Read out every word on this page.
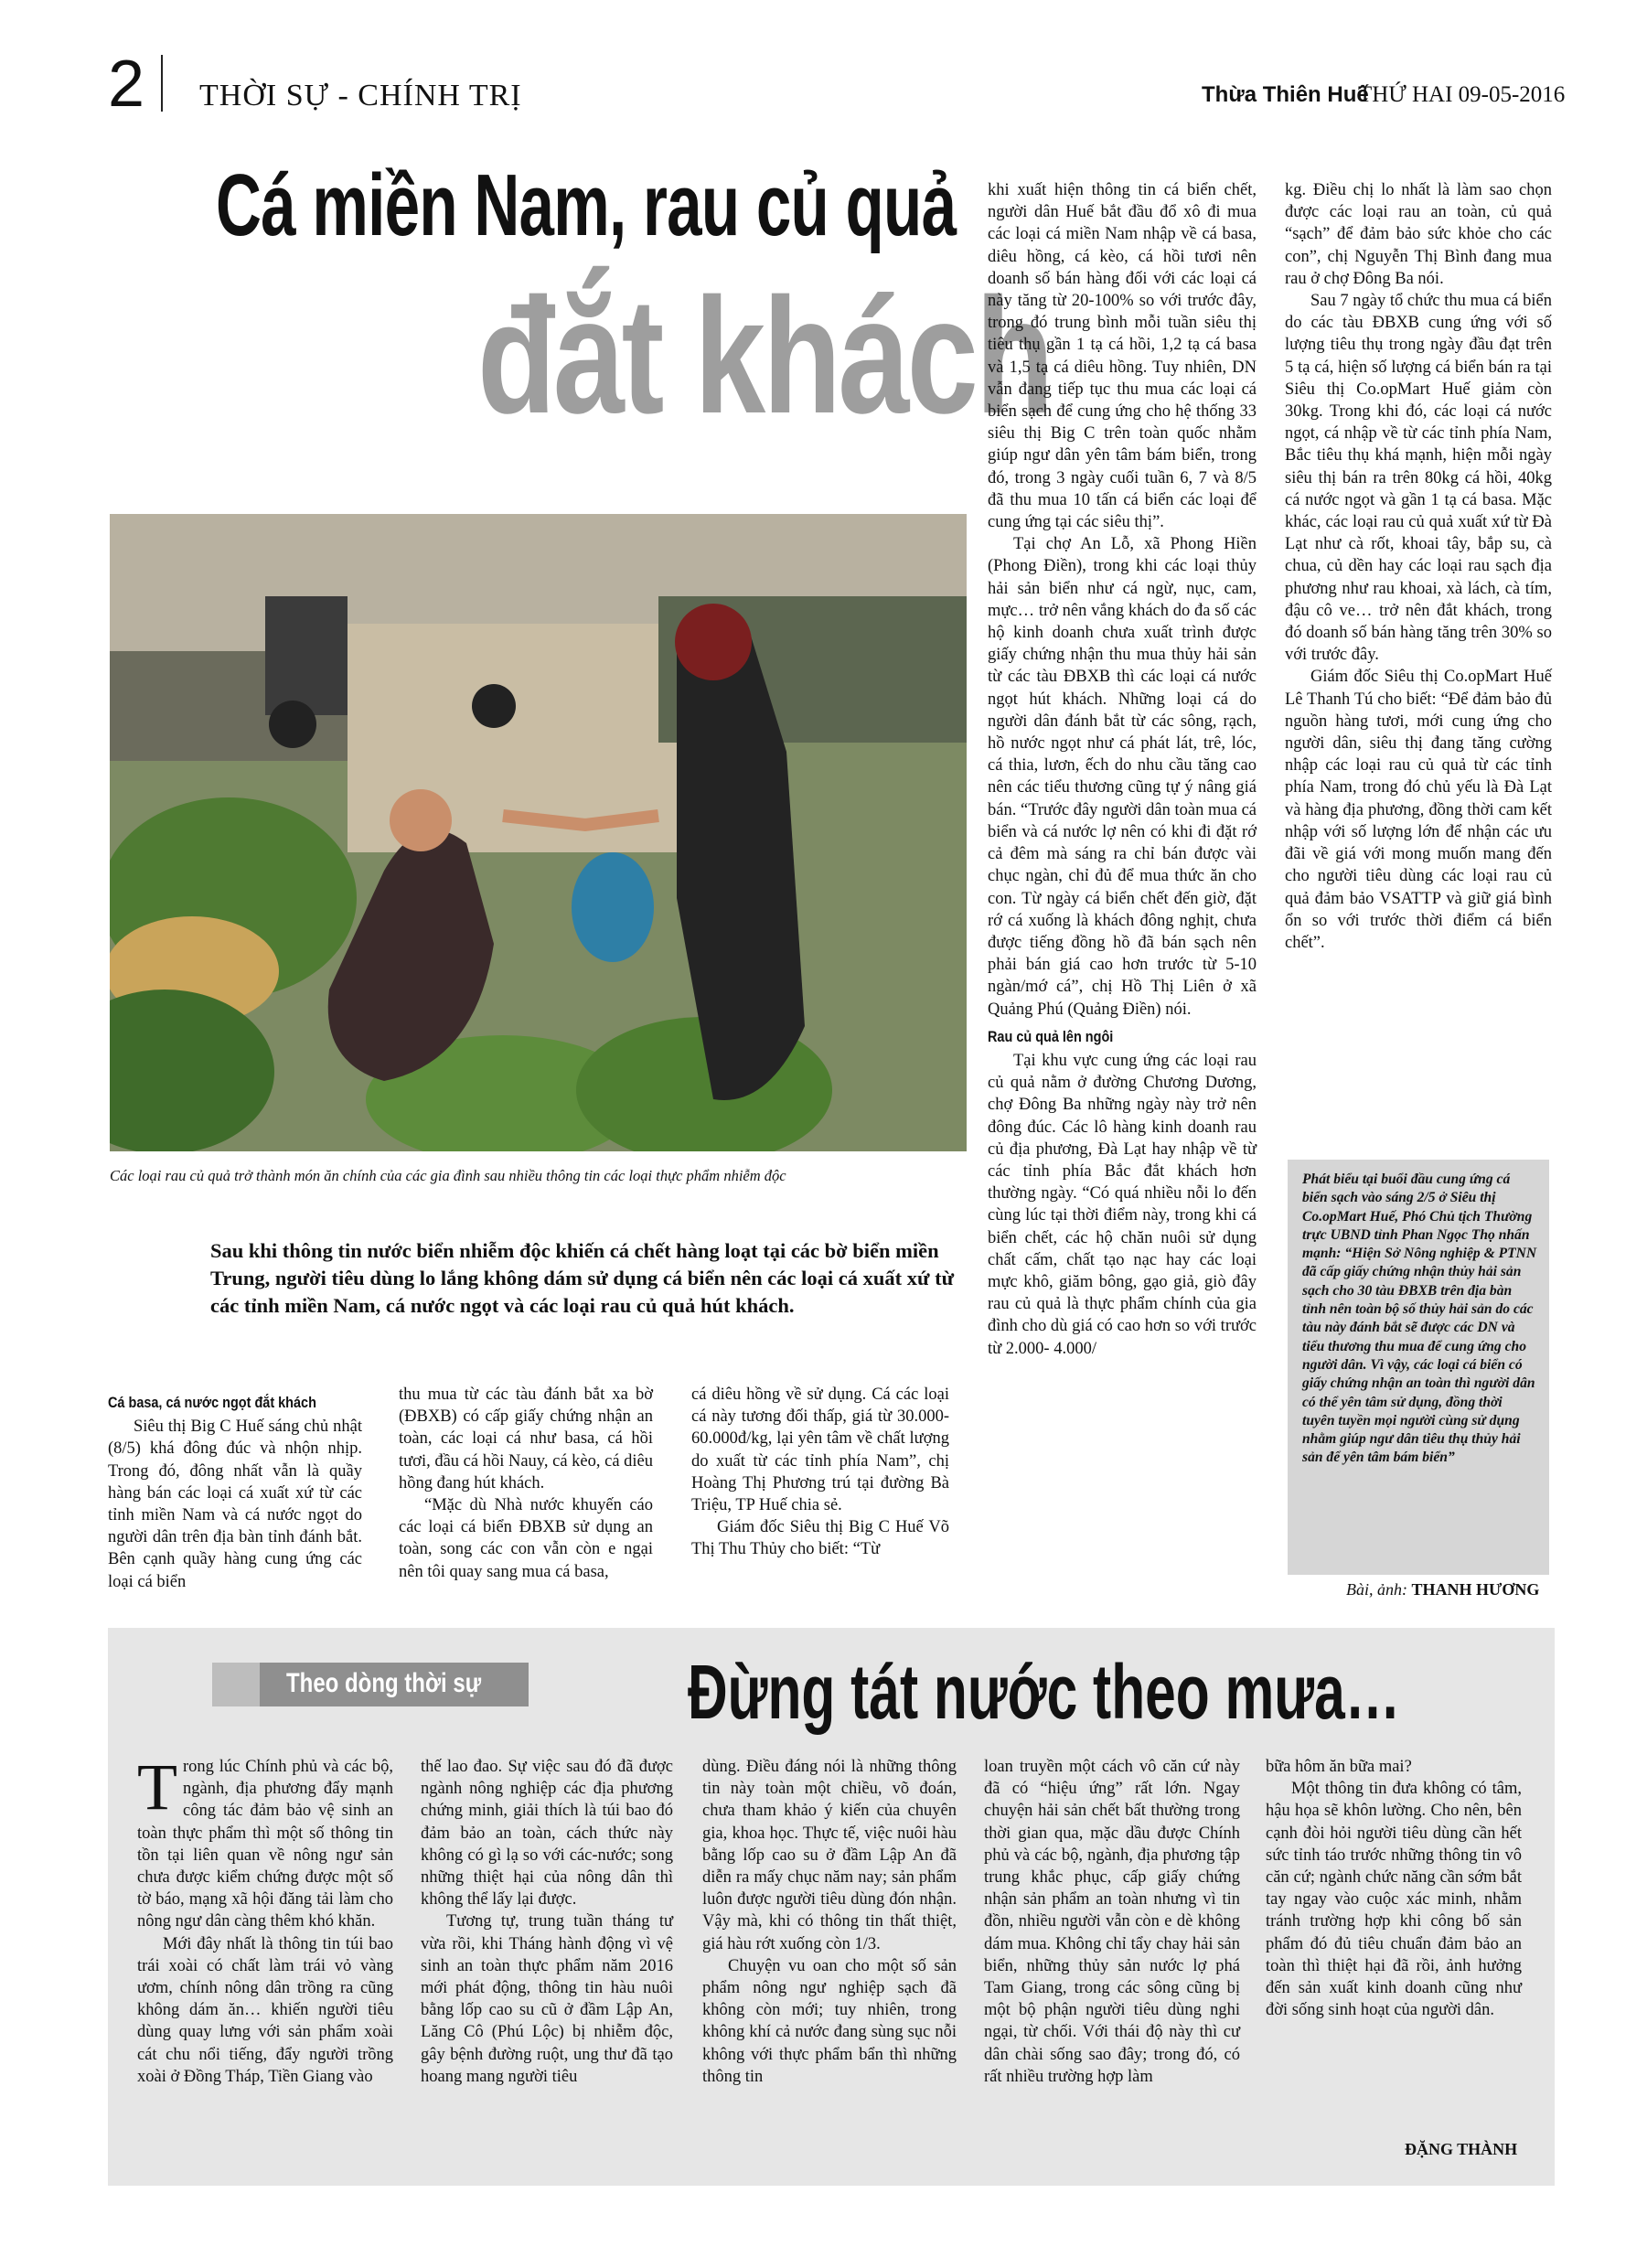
2 THỜI SỰ - CHÍNH TRỊ	Thừa Thiên Huế
THỨ HAI 09-05-2016
Cá miền Nam, rau củ quả
đắt khách
Các loại rau củ quả trở thành món ăn chính của các gia đình sau nhiều thông tin các loại thực phẩm nhiễm độc
Sau khi thông tin nước biển nhiễm độc khiến cá chết hàng loạt tại các bờ biển miền Trung, người tiêu dùng lo lắng không dám sử dụng cá biển nên các loại cá xuất xứ từ các tỉnh miền Nam, cá nước ngọt và các loại rau củ quả hút khách.
Cá basa, cá nước ngọt đắt khách

Siêu thị Big C Huế sáng chủ nhật (8/5) khá đông đúc và nhộn nhịp. Trong đó, đông nhất vẫn là quầy hàng bán các loại cá xuất xứ từ các tỉnh miền Nam và cá nước ngọt do người dân trên địa bàn tỉnh đánh bắt. Bên cạnh quầy hàng cung ứng các loại cá biển

thu mua từ các tàu đánh bắt xa bờ (ĐBXB) có cấp giấy chứng nhận an toàn, các loại cá như basa, cá hồi tươi, đầu cá hồi Nauy, cá kèo, cá diêu hồng đang hút khách.

“Mặc dù Nhà nước khuyến cáo các loại cá biển ĐBXB sử dụng an toàn, song các con vẫn còn e ngại nên tôi quay sang mua cá basa,

cá diêu hồng về sử dụng. Cá các loại cá này tương đối thấp, giá từ 30.000-60.000đ/kg, lại yên tâm về chất lượng do xuất từ các tỉnh phía Nam”, chị Hoàng Thị Phương trú tại đường Bà Triệu, TP Huế chia sẻ.

Giám đốc Siêu thị Big C Huế Võ Thị Thu Thủy cho biết: “Từ

khi xuất hiện thông tin cá biển chết, người dân Huế bắt đầu đổ xô đi mua các loại cá miền Nam nhập về cá basa, diêu hồng, cá kèo, cá hồi tươi nên doanh số bán hàng đối với các loại cá này tăng từ 20-100% so với trước đây, trong đó trung bình mỗi tuần siêu thị tiêu thụ gần 1 tạ cá hồi, 1,2 tạ cá basa và 1,5 tạ cá diêu hồng. Tuy nhiên, DN vẫn đang tiếp tục thu mua các loại cá biển sạch để cung ứng cho hệ thống 33 siêu thị Big C trên toàn quốc nhằm giúp ngư dân yên tâm bám biển, trong đó, trong 3 ngày cuối tuần 6, 7 và 8/5 đã thu mua 10 tấn cá biển các loại để cung ứng tại các siêu thị”.

Tại chợ An Lỗ, xã Phong Hiền (Phong Điền), trong khi các loại thủy hải sản biển như cá ngừ, nục, cam, mực… trở nên vắng khách do đa số các hộ kinh doanh chưa xuất trình được giấy chứng nhận thu mua thủy hải sản từ các tàu ĐBXB thì các loại cá nước ngọt hút khách. Những loại cá do người dân đánh bắt từ các sông, rạch, hồ nước ngọt như cá phát lát, trê, lóc, cá thia, lươn, ếch do nhu cầu tăng cao nên các tiểu thương cũng tự ý nâng giá bán. “Trước đây người dân toàn mua cá biển và cá nước lợ nên có khi đi đặt rớ cả đêm mà sáng ra chỉ bán được vài chục ngàn, chỉ đủ để mua thức ăn cho con. Từ ngày cá biển chết đến giờ, đặt rớ cá xuống là khách đông nghịt, chưa được tiếng đồng hồ đã bán sạch nên phải bán giá cao hơn trước từ 5-10 ngàn/mớ cá”, chị Hồ Thị Liên ở xã Quảng Phú (Quảng Điền) nói.

Rau củ quả lên ngôi

Tại khu vực cung ứng các loại rau củ quả nằm ở đường Chương Dương, chợ Đông Ba những ngày này trở nên đông đúc. Các lô hàng kinh doanh rau củ địa phương, Đà Lạt hay nhập về từ các tỉnh phía Bắc đắt khách hơn thường ngày. “Có quá nhiều nỗi lo đến cùng lúc tại thời điểm này, trong khi cá biển chết, các hộ chăn nuôi sử dụng chất cấm, chất tạo nạc hay các loại mực khô, giăm bông, gạo giả, giò đây rau củ quả là thực phẩm chính của gia đình cho dù giá có cao hơn so với trước từ 2.000- 4.000/

kg. Điều chị lo nhất là làm sao chọn được các loại rau an toàn, củ quả “sạch” để đảm bảo sức khỏe cho các con”, chị Nguyễn Thị Bình đang mua rau ở chợ Đông Ba nói.

Sau 7 ngày tổ chức thu mua cá biển do các tàu ĐBXB cung ứng với số lượng tiêu thụ trong ngày đầu đạt trên 5 tạ cá, hiện số lượng cá biển bán ra tại Siêu thị Co.opMart Huế giảm còn 30kg. Trong khi đó, các loại cá nước ngọt, cá nhập về từ các tỉnh phía Nam, Bắc tiêu thụ khá mạnh, hiện mỗi ngày siêu thị bán ra trên 80kg cá hồi, 40kg cá nước ngọt và gần 1 tạ cá basa. Mặc khác, các loại rau củ quả xuất xứ từ Đà Lạt như cà rốt, khoai tây, bắp su, cà chua, củ dền hay các loại rau sạch địa phương như rau khoai, xà lách, cà tím, đậu cô ve… trở nên đắt khách, trong đó doanh số bán hàng tăng trên 30% so với trước đây.

Giám đốc Siêu thị Co.opMart Huế Lê Thanh Tú cho biết: “Để đảm bảo đủ nguồn hàng tươi, mới cung ứng cho người dân, siêu thị đang tăng cường nhập các loại rau củ quả từ các tỉnh phía Nam, trong đó chủ yếu là Đà Lạt và hàng địa phương, đồng thời cam kết nhập với số lượng lớn để nhận các ưu đãi về giá với mong muốn mang đến cho người tiêu dùng các loại rau củ quả đảm bảo VSATTP và giữ giá bình ổn so với trước thời điểm cá biển chết”.

Phát biểu tại buổi đầu cung ứng cá biển sạch vào sáng 2/5 ở Siêu thị Co.opMart Huế, Phó Chủ tịch Thường trực UBND tỉnh Phan Ngọc Thọ nhấn mạnh: “Hiện Sở Nông nghiệp & PTNN đã cấp giấy chứng nhận thủy hải sản sạch cho 30 tàu ĐBXB trên địa bàn tỉnh nên toàn bộ số thủy hải sản do các tàu này đánh bắt sẽ được các DN và tiểu thương thu mua để cung ứng cho người dân. Vì vậy, các loại cá biển có giấy chứng nhận an toàn thì người dân có thể yên tâm sử dụng, đồng thời tuyên tuyền mọi người cùng sử dụng nhằm giúp ngư dân tiêu thụ thủy hải sản để yên tâm bám biển”
Bài, ảnh: THANH HƯƠNG
Theo dòng thời sự	Đừng tát nước theo mưa…

Trong lúc Chính phủ và các bộ, ngành, địa phương đẩy mạnh công tác đảm bảo vệ sinh an toàn thực phẩm thì một số thông tin tồn tại liên quan về nông ngư sản chưa được kiểm chứng được một số tờ báo, mạng xã hội đăng tải làm cho nông ngư dân càng thêm khó khăn.

Mới đây nhất là thông tin túi bao trái xoài có chất làm trái vỏ vàng ươm, chính nông dân trồng ra cũng không dám ăn… khiến người tiêu dùng quay lưng với sản phẩm xoài cát chu nổi tiếng, đẩy người trồng xoài ở Đồng Tháp, Tiền Giang vào

thế lao đao. Sự việc sau đó đã được ngành nông nghiệp các địa phương chứng minh, giải thích là túi bao đó đảm bảo an toàn, cách thức này không có gì lạ so với các-nước; song những thiệt hại của nông dân thì không thể lấy lại được.

Tương tự, trung tuần tháng tư vừa rồi, khi Tháng hành động vì vệ sinh an toàn thực phẩm năm 2016 mới phát động, thông tin hàu nuôi bằng lốp cao su cũ ở đầm Lập An, Lăng Cô (Phú Lộc) bị nhiễm độc, gây bệnh đường ruột, ung thư đã tạo hoang mang người tiêu

dùng. Điều đáng nói là những thông tin này toàn một chiều, võ đoán, chưa tham khảo ý kiến của chuyên gia, khoa học. Thực tế, việc nuôi hàu bằng lốp cao su ở đầm Lập An đã diễn ra mấy chục năm nay; sản phẩm luôn được người tiêu dùng đón nhận. Vậy mà, khi có thông tin thất thiệt, giá hàu rớt xuống còn 1/3.

Chuyện vu oan cho một số sản phẩm nông ngư nghiệp sạch đã không còn mới; tuy nhiên, trong không khí cả nước đang sùng sục nỗi không với thực phẩm bẩn thì những thông tin

loan truyền một cách vô căn cứ này đã có “hiệu ứng” rất lớn. Ngay chuyện hải sản chết bất thường trong thời gian qua, mặc dầu được Chính phủ và các bộ, ngành, địa phương tập trung khắc phục, cấp giấy chứng nhận sản phẩm an toàn nhưng vì tin đồn, nhiều người vẫn còn e dè không dám mua. Không chỉ tẩy chay hải sản biển, những thủy sản nước lợ phá Tam Giang, trong các sông cũng bị một bộ phận người tiêu dùng nghi ngại, từ chối. Với thái độ này thì cư dân chài sống sao đây; trong đó, có rất nhiều trường hợp làm

bữa hôm ăn bữa mai?

Một thông tin đưa không có tâm, hậu họa sẽ khôn lường. Cho nên, bên cạnh đòi hỏi người tiêu dùng cần hết sức tỉnh táo trước những thông tin vô căn cứ; ngành chức năng cần sớm bắt tay ngay vào cuộc xác minh, nhằm tránh trường hợp khi công bố sản phẩm đó đủ tiêu chuẩn đảm bảo an toàn thì thiệt hại đã rồi, ảnh hưởng đến sản xuất kinh doanh cũng như đời sống sinh hoạt của người dân.

ĐẶNG THÀNH
